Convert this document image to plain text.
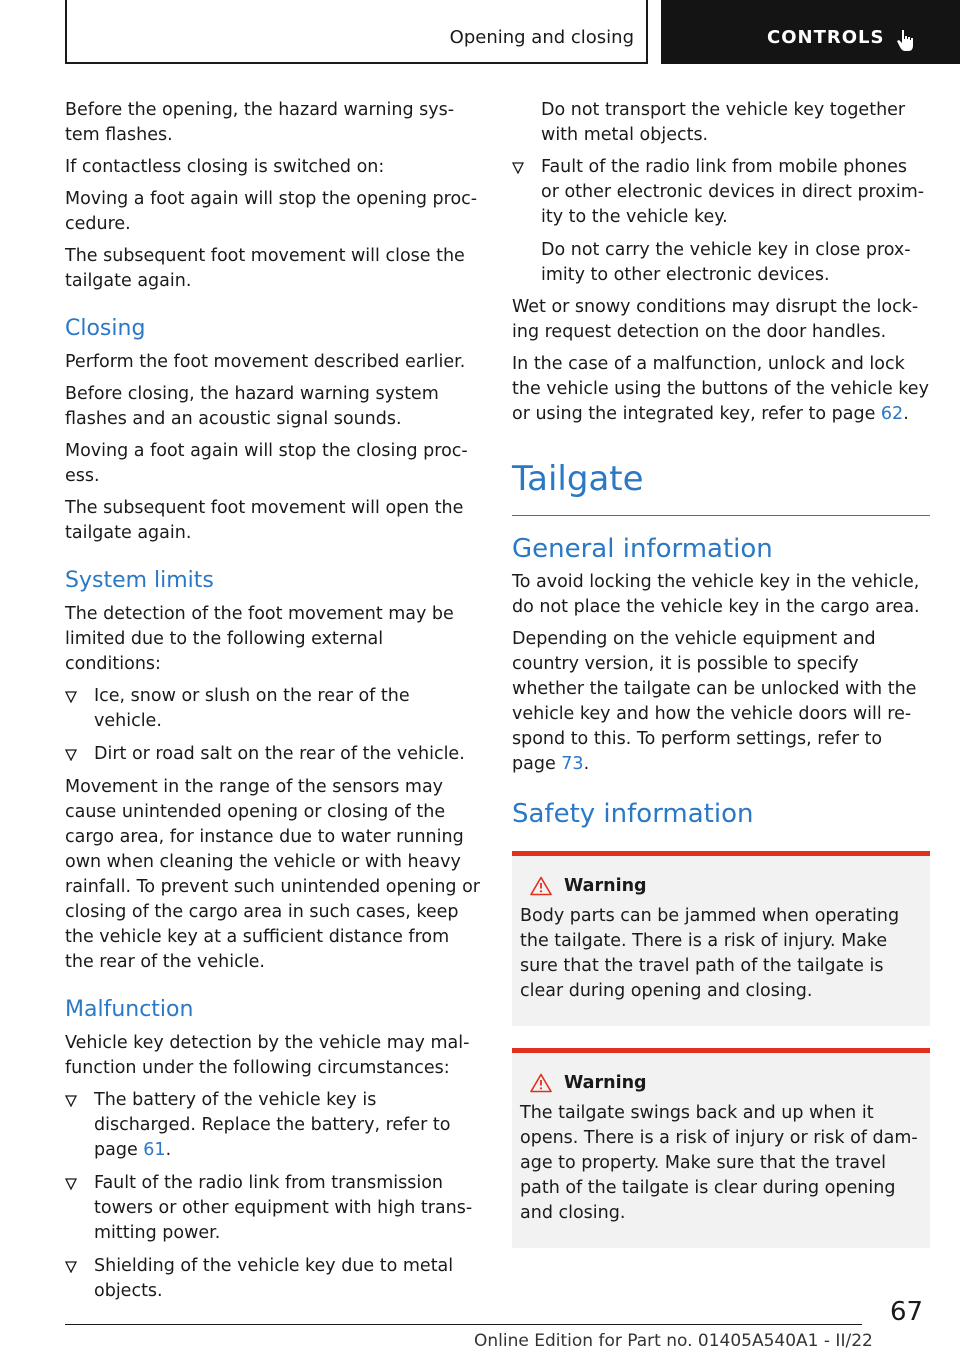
Opening and closing	CONTROLS

Before the opening, the hazard warning sys-tem flashes.

If contactless closing is switched on:

Moving a foot again will stop the opening proc-cedure.

The subsequent foot movement will close the tailgate again.

Closing

Perform the foot movement described earlier.

Before closing, the hazard warning system flashes and an acoustic signal sounds.

Moving a foot again will stop the closing proc-ess.

The subsequent foot movement will open the tailgate again.

System limits

The detection of the foot movement may be limited due to the following external conditions:

Ice, snow or slush on the rear of the vehicle.
Dirt or road salt on the rear of the vehicle.

Movement in the range of the sensors may cause unintended opening or closing of the cargo area, for instance due to water running own when cleaning the vehicle or with heavy rainfall. To prevent such unintended opening or closing of the cargo area in such cases, keep the vehicle key at a sufficient distance from the rear of the vehicle.

Malfunction

Vehicle key detection by the vehicle may mal-function under the following circumstances:

The battery of the vehicle key is discharged. Replace the battery, refer to page 61.
Fault of the radio link from transmission towers or other equipment with high trans-mitting power.
Shielding of the vehicle key due to metal objects.

Do not transport the vehicle key together with metal objects.

Fault of the radio link from mobile phones or other electronic devices in direct proxim-ity to the vehicle key.

Do not carry the vehicle key in close prox-imity to other electronic devices.

Wet or snowy conditions may disrupt the lock-ing request detection on the door handles.

In the case of a malfunction, unlock and lock the vehicle using the buttons of the vehicle key or using the integrated key, refer to page 62.

Tailgate
General information

To avoid locking the vehicle key in the vehicle, do not place the vehicle key in the cargo area.

Depending on the vehicle equipment and country version, it is possible to specify whether the tailgate can be unlocked with the vehicle key and how the vehicle doors will re-spond to this. To perform settings, refer to page 73.

Safety information
Warning

Body parts can be jammed when operating the tailgate. There is a risk of injury. Make sure that the travel path of the tailgate is clear during opening and closing.

Warning

The tailgate swings back and up when it opens. There is a risk of injury or risk of dam-age to property. Make sure that the travel path of the tailgate is clear during opening and closing.

67
Online Edition for Part no. 01405A540A1 - II/22
